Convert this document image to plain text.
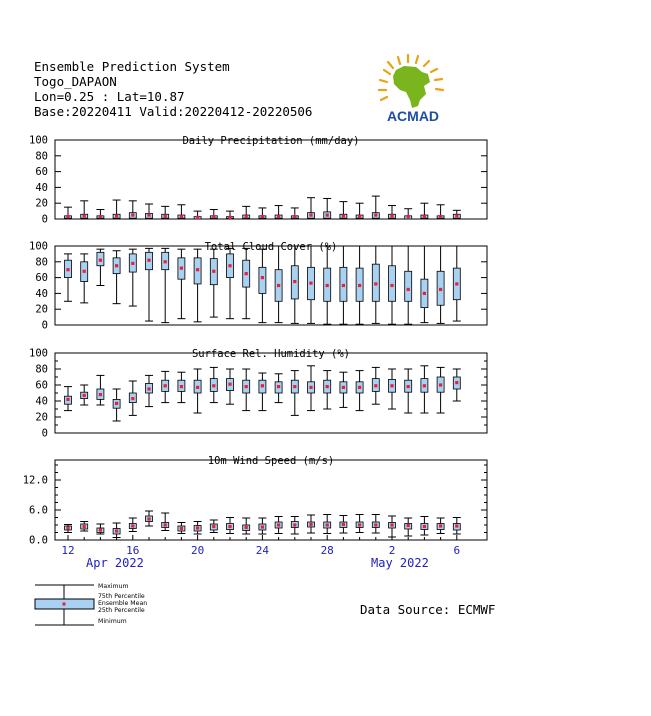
Ensemble Prediction System
Togo_DAPAON
Lon=0.25 : Lat=10.87
Base:20220411 Valid:20220412-20220506	ACMAD
Daily Precipitation (mm/day)
0
20
40
60
80
100
Total Cloud Cover (%)
0
20
40
60
80
100
Surface Rel. Humidity (%)
0
20
40
60
80
100
10m Wind Speed (m/s)
0.0
6.0
12.0
12	16	20	24	28	2	6
Apr 2022	May 2022
Maximum
75th Percentile
Ensemble Mean
25th Percentile
Minimum
Data Source: ECMWF
